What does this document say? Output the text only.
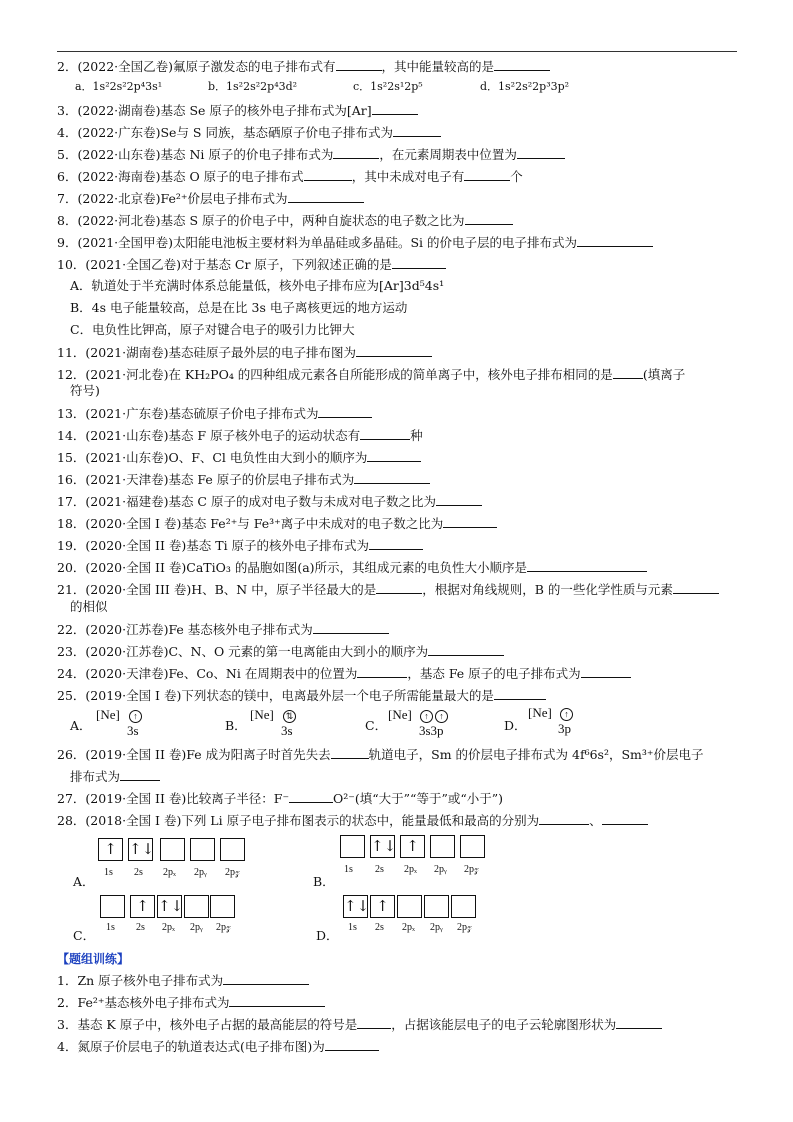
2．(2022·全国乙卷)氟原子激发态的电子排布式有	，其中能量较高的是
a．1s²2s²2p⁴3s¹	b．1s²2s²2p⁴3d²	c．1s²2s¹2p⁵	d．1s²2s²2p³3p²
3．(2022·湖南卷)基态 Se 原子的核外电子排布式为[Ar]
4．(2022·广东卷)Se与 S 同族，基态硒原子价电子排布式为
5．(2022·山东卷)基态 Ni 原子的价电子排布式为	，在元素周期表中位置为
6．(2022·海南卷)基态 O 原子的电子排布式	，其中未成对电子有	个
7．(2022·北京卷)Fe²⁺价层电子排布式为
8．(2022·河北卷)基态 S 原子的价电子中，两种自旋状态的电子数之比为
9．(2021·全国甲卷)太阳能电池板主要材料为单晶硅或多晶硅。Si 的价电子层的电子排布式为
10．(2021·全国乙卷)对于基态 Cr 原子，下列叙述正确的是
A．轨道处于半充满时体系总能量低，核外电子排布应为[Ar]3d⁵4s¹
B．4s 电子能量较高，总是在比 3s 电子离核更远的地方运动
C．电负性比钾高，原子对键合电子的吸引力比钾大
11．(2021·湖南卷)基态硅原子最外层的电子排布图为
12．(2021·河北卷)在 KH₂PO₄ 的四种组成元素各自所能形成的简单离子中，核外电子排布相同的是 (填离子
符号)
13．(2021·广东卷)基态硫原子价电子排布式为
14．(2021·山东卷)基态 F 原子核外电子的运动状态有	种
15．(2021·山东卷)O、F、Cl 电负性由大到小的顺序为
16．(2021·天津卷)基态 Fe 原子的价层电子排布式为
17．(2021·福建卷)基态 C 原子的成对电子数与未成对电子数之比为
18．(2020·全国 I 卷)基态 Fe²⁺与 Fe³⁺离子中未成对的电子数之比为
19．(2020·全国 II 卷)基态 Ti 原子的核外电子排布式为
20．(2020·全国 II 卷)CaTiO₃ 的晶胞如图(a)所示，其组成元素的电负性大小顺序是
21．(2020·全国 III 卷)H、B、N 中，原子半径最大的是	，根据对角线规则，B 的一些化学性质与元素
的相似
22．(2020·江苏卷)Fe 基态核外电子排布式为
23．(2020·江苏卷)C、N、O 元素的第一电离能由大到小的顺序为
24．(2020·天津卷)Fe、Co、Ni 在周期表中的位置为	，基态 Fe 原子的电子排布式为
25．(2019·全国 I 卷)下列状态的镁中，电离最外层一个电子所需能量最大的是
A．
[Ne]	↑
3s	B．
[Ne]	⇅
3s	C．
[Ne]	↑	↑
3s3p	D．
[Ne]	↑
3p
26．(2019·全国 II 卷)Fe 成为阳离子时首先失去	轨道电子，Sm 的价层电子排布式为 4f⁶6s²，Sm³⁺价层电子
排布式为
27．(2019·全国 II 卷)比较离子半径：F⁻	O²⁻(填“大于”“等于”或“小于”)
28．(2018·全国 I 卷)下列 Li 原子电子排布图表示的状态中，能量最低和最高的分别为	、
A．
↑ ↑↓
1s 2s 2pₓ 2pᵧ 2p𝓏
B．
↑↓ ↑
1s 2s 2pₓ 2pᵧ 2p𝓏
C．
↑ ↑↓
1s 2s 2pₓ 2pᵧ 2p𝓏
D．
↑↓ ↑
1s 2s 2pₓ 2pᵧ 2p𝓏
【题组训练】
1．Zn 原子核外电子排布式为
2．Fe²⁺基态核外电子排布式为
3．基态 K 原子中，核外电子占据的最高能层的符号是	，占据该能层电子的电子云轮廓图形状为
4．氮原子价层电子的轨道表达式(电子排布图)为
